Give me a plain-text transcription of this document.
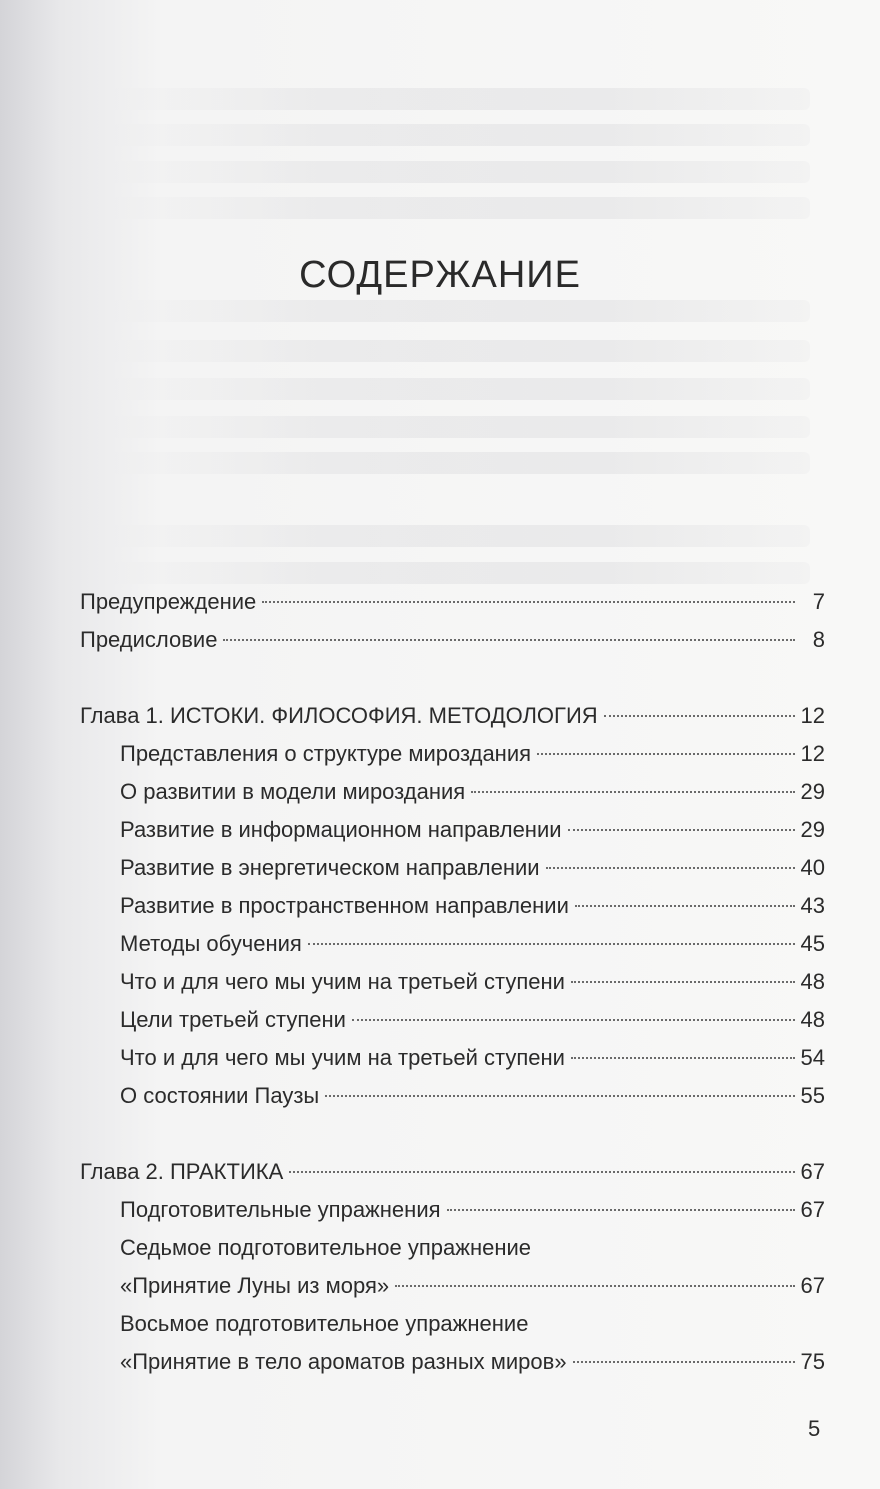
СОДЕРЖАНИЕ
Предупреждение	7
Предисловие	8
Глава 1. ИСТОКИ. ФИЛОСОФИЯ. МЕТОДОЛОГИЯ	12
Представления о структуре мироздания	12
О развитии в модели мироздания	29
Развитие в информационном направлении	29
Развитие в энергетическом направлении	40
Развитие в пространственном направлении	43
Методы обучения	45
Что и для чего мы учим на третьей ступени	48
Цели третьей ступени	48
Что и для чего мы учим на третьей ступени	54
О состоянии Паузы	55
Глава 2. ПРАКТИКА	67
Подготовительные упражнения	67
Седьмое подготовительное упражнение
«Принятие Луны из моря»	67
Восьмое подготовительное упражнение
«Принятие в тело ароматов разных миров»	75
5
